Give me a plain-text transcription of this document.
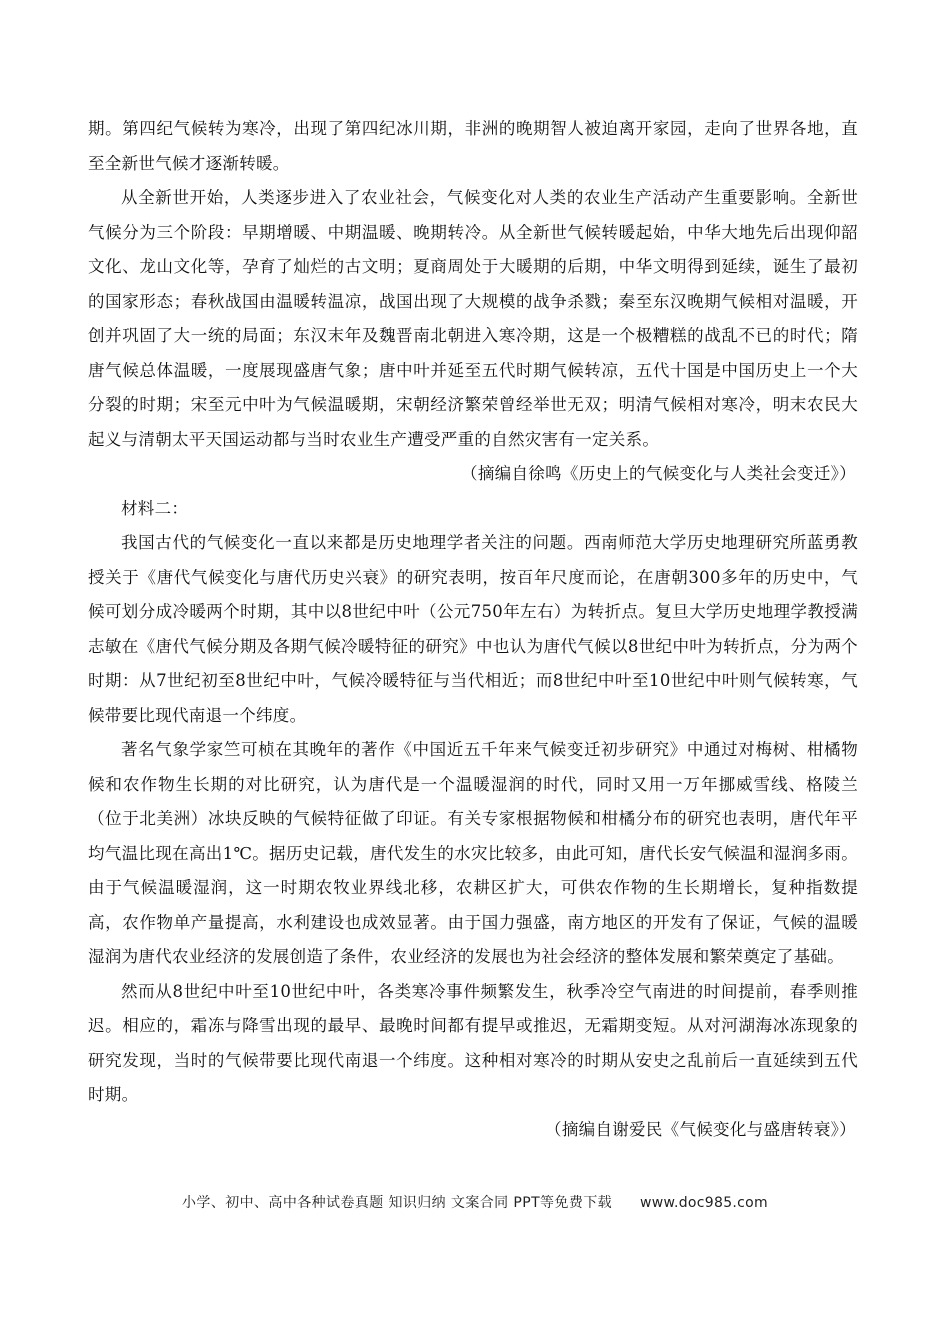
期。第四纪气候转为寒冷，出现了第四纪冰川期，非洲的晚期智人被迫离开家园，走向了世界各地，直至全新世气候才逐渐转暖。

从全新世开始，人类逐步进入了农业社会，气候变化对人类的农业生产活动产生重要影响。全新世气候分为三个阶段：早期增暖、中期温暖、晚期转冷。从全新世气候转暖起始，中华大地先后出现仰韶文化、龙山文化等，孕育了灿烂的古文明；夏商周处于大暖期的后期，中华文明得到延续，诞生了最初的国家形态；春秋战国由温暖转温凉，战国出现了大规模的战争杀戮；秦至东汉晚期气候相对温暖，开创并巩固了大一统的局面；东汉末年及魏晋南北朝进入寒冷期，这是一个极糟糕的战乱不已的时代；隋唐气候总体温暖，一度展现盛唐气象；唐中叶并延至五代时期气候转凉，五代十国是中国历史上一个大分裂的时期；宋至元中叶为气候温暖期，宋朝经济繁荣曾经举世无双；明清气候相对寒冷，明末农民大起义与清朝太平天国运动都与当时农业生产遭受严重的自然灾害有一定关系。

（摘编自徐鸣《历史上的气候变化与人类社会变迁》）

材料二：

我国古代的气候变化一直以来都是历史地理学者关注的问题。西南师范大学历史地理研究所蓝勇教授关于《唐代气候变化与唐代历史兴衰》的研究表明，按百年尺度而论，在唐朝300多年的历史中，气候可划分成冷暖两个时期，其中以8世纪中叶（公元750年左右）为转折点。复旦大学历史地理学教授满志敏在《唐代气候分期及各期气候冷暖特征的研究》中也认为唐代气候以8世纪中叶为转折点，分为两个时期：从7世纪初至8世纪中叶，气候冷暖特征与当代相近；而8世纪中叶至10世纪中叶则气候转寒，气候带要比现代南退一个纬度。

著名气象学家竺可桢在其晚年的著作《中国近五千年来气候变迁初步研究》中通过对梅树、柑橘物候和农作物生长期的对比研究，认为唐代是一个温暖湿润的时代，同时又用一万年挪威雪线、格陵兰（位于北美洲）冰块反映的气候特征做了印证。有关专家根据物候和柑橘分布的研究也表明，唐代年平均气温比现在高出1℃。据历史记载，唐代发生的水灾比较多，由此可知，唐代长安气候温和湿润多雨。由于气候温暖湿润，这一时期农牧业界线北移，农耕区扩大，可供农作物的生长期增长，复种指数提高，农作物单产量提高，水利建设也成效显著。由于国力强盛，南方地区的开发有了保证，气候的温暖湿润为唐代农业经济的发展创造了条件，农业经济的发展也为社会经济的整体发展和繁荣奠定了基础。

然而从8世纪中叶至10世纪中叶，各类寒冷事件频繁发生，秋季冷空气南进的时间提前，春季则推迟。相应的，霜冻与降雪出现的最早、最晚时间都有提早或推迟，无霜期变短。从对河湖海冰冻现象的研究发现，当时的气候带要比现代南退一个纬度。这种相对寒冷的时期从安史之乱前后一直延续到五代时期。

（摘编自谢爱民《气候变化与盛唐转衰》）

小学、初中、高中各种试卷真题 知识归纳 文案合同 PPT等免费下载 www.doc985.com
